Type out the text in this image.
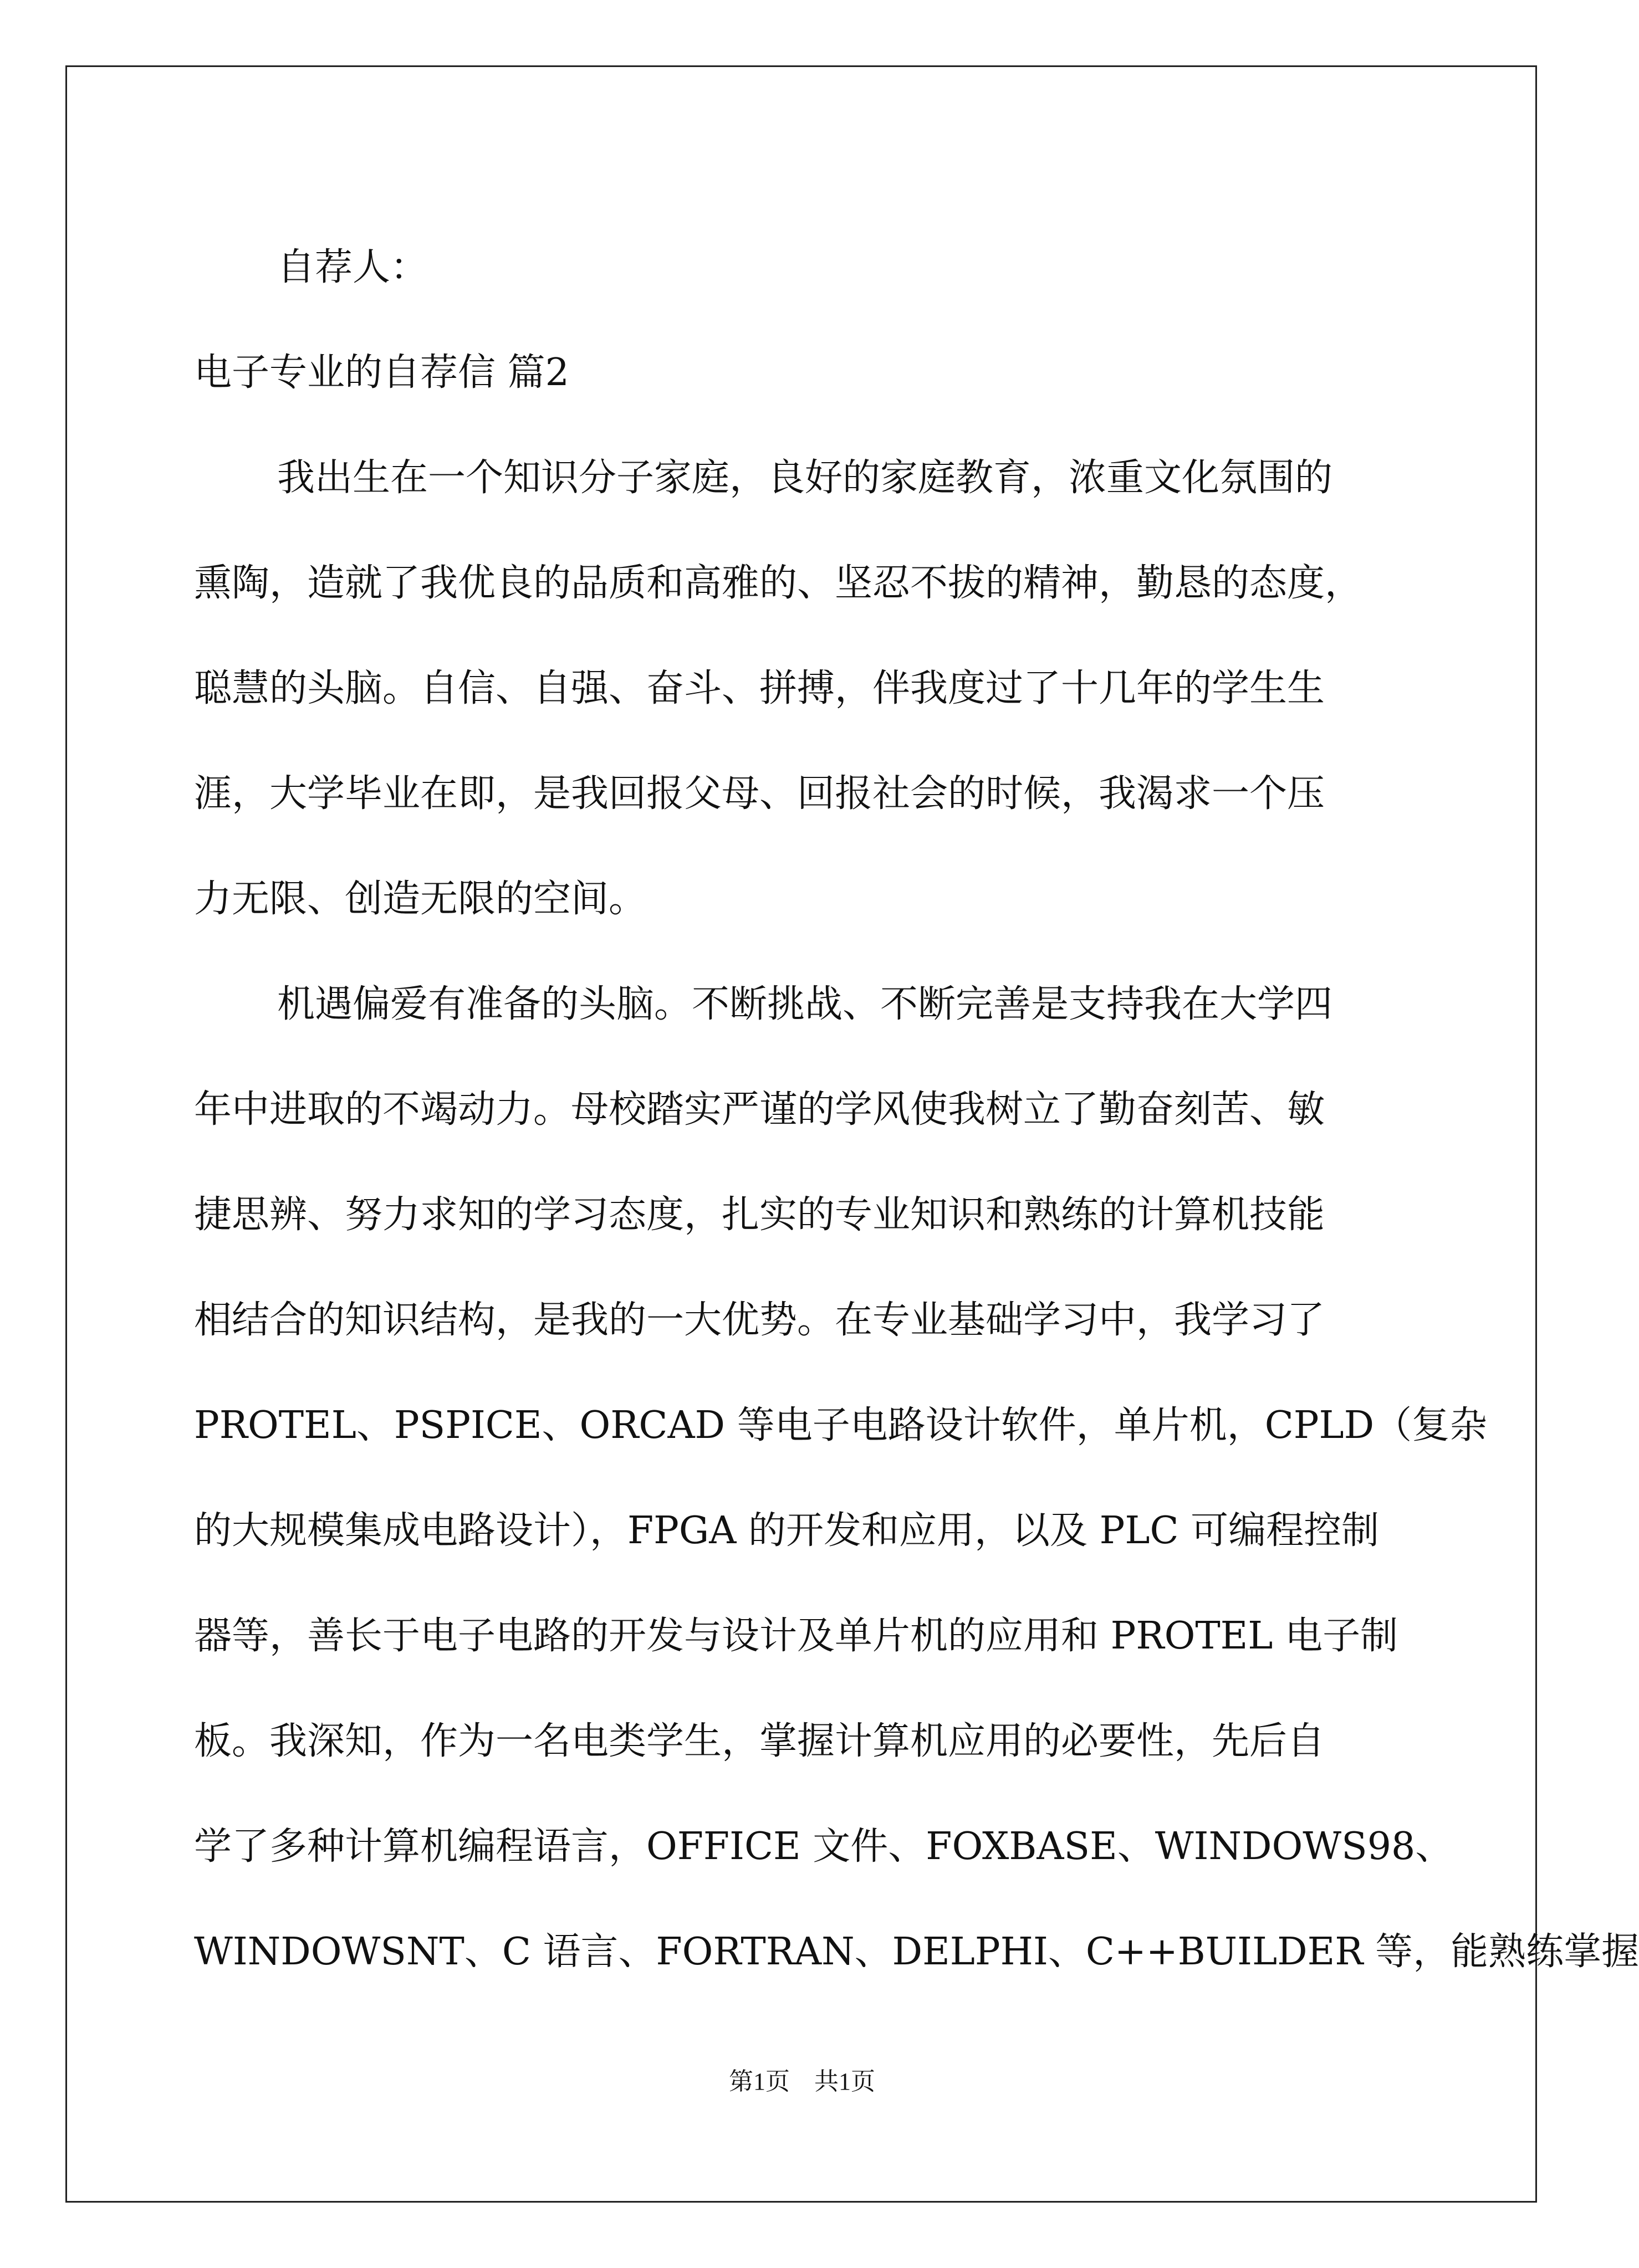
自荐人：
电子专业的自荐信 篇2
我出生在一个知识分子家庭，良好的家庭教育，浓重文化氛围的
熏陶，造就了我优良的品质和高雅的、坚忍不拔的精神，勤恳的态度，
聪慧的头脑。自信、自强、奋斗、拼搏，伴我度过了十几年的学生生
涯，大学毕业在即，是我回报父母、回报社会的时候，我渴求一个压
力无限、创造无限的空间。
机遇偏爱有准备的头脑。不断挑战、不断完善是支持我在大学四
年中进取的不竭动力。母校踏实严谨的学风使我树立了勤奋刻苦、敏
捷思辨、努力求知的学习态度，扎实的专业知识和熟练的计算机技能
相结合的知识结构，是我的一大优势。在专业基础学习中，我学习了
PROTEL、PSPICE、ORCAD 等电子电路设计软件，单片机，CPLD（复杂
的大规模集成电路设计），FPGA 的开发和应用，以及 PLC 可编程控制
器等，善长于电子电路的开发与设计及单片机的应用和 PROTEL 电子制
板。我深知，作为一名电类学生，掌握计算机应用的必要性，先后自
学了多种计算机编程语言，OFFICE 文件、FOXBASE、WINDOWS98、
WINDOWSNT、C 语言、FORTRAN、DELPHI、C++BUILDER 等，能熟练掌握
第1页　共1页
